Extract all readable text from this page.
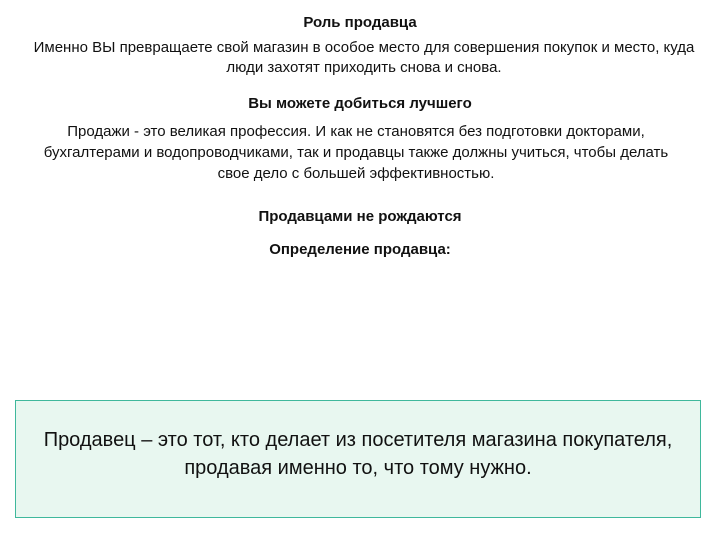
Роль продавца
Именно ВЫ превращаете свой магазин в особое место для совершения покупок и место, куда люди захотят приходить снова и снова.
Вы можете добиться лучшего
Продажи - это великая профессия. И как не становятся без подготовки докторами, бухгалтерами и водопроводчиками, так и продавцы также должны учиться, чтобы делать свое дело с большей эффективностью.
Продавцами не рождаются
Определение продавца:
Продавец – это тот, кто делает из посетителя магазина покупателя, продавая именно то, что тому нужно.
